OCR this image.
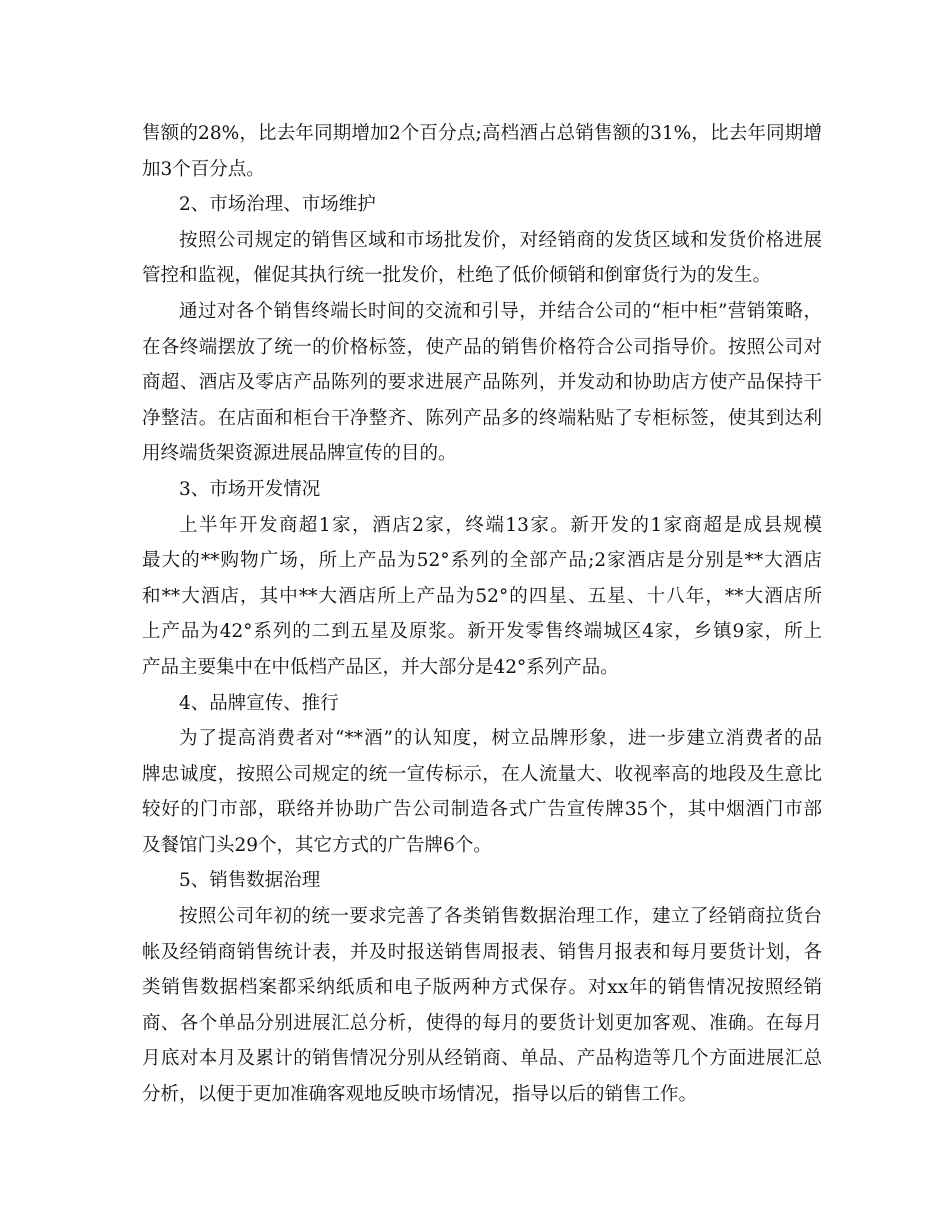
售额的28%，比去年同期增加2个百分点;高档酒占总销售额的31%，比去年同期增
加3个百分点。
2、市场治理、市场维护
按照公司规定的销售区域和市场批发价，对经销商的发货区域和发货价格进展
管控和监视，催促其执行统一批发价，杜绝了低价倾销和倒窜货行为的发生。
通过对各个销售终端长时间的交流和引导，并结合公司的“柜中柜”营销策略，
在各终端摆放了统一的价格标签，使产品的销售价格符合公司指导价。按照公司对
商超、酒店及零店产品陈列的要求进展产品陈列，并发动和协助店方使产品保持干
净整洁。在店面和柜台干净整齐、陈列产品多的终端粘贴了专柜标签，使其到达利
用终端货架资源进展品牌宣传的目的。
3、市场开发情况
上半年开发商超1家，酒店2家，终端13家。新开发的1家商超是成县规模
最大的**购物广场，所上产品为52°系列的全部产品;2家酒店是分别是**大酒店
和**大酒店，其中**大酒店所上产品为52°的四星、五星、十八年，**大酒店所
上产品为42°系列的二到五星及原浆。新开发零售终端城区4家，乡镇9家，所上
产品主要集中在中低档产品区，并大部分是42°系列产品。
4、品牌宣传、推行
为了提高消费者对“**酒”的认知度，树立品牌形象，进一步建立消费者的品
牌忠诚度，按照公司规定的统一宣传标示，在人流量大、收视率高的地段及生意比
较好的门市部，联络并协助广告公司制造各式广告宣传牌35个，其中烟酒门市部
及餐馆门头29个，其它方式的广告牌6个。
5、销售数据治理
按照公司年初的统一要求完善了各类销售数据治理工作，建立了经销商拉货台
帐及经销商销售统计表，并及时报送销售周报表、销售月报表和每月要货计划，各
类销售数据档案都采纳纸质和电子版两种方式保存。对xx年的销售情况按照经销
商、各个单品分别进展汇总分析，使得的每月的要货计划更加客观、准确。在每月
月底对本月及累计的销售情况分别从经销商、单品、产品构造等几个方面进展汇总
分析，以便于更加准确客观地反映市场情况，指导以后的销售工作。
